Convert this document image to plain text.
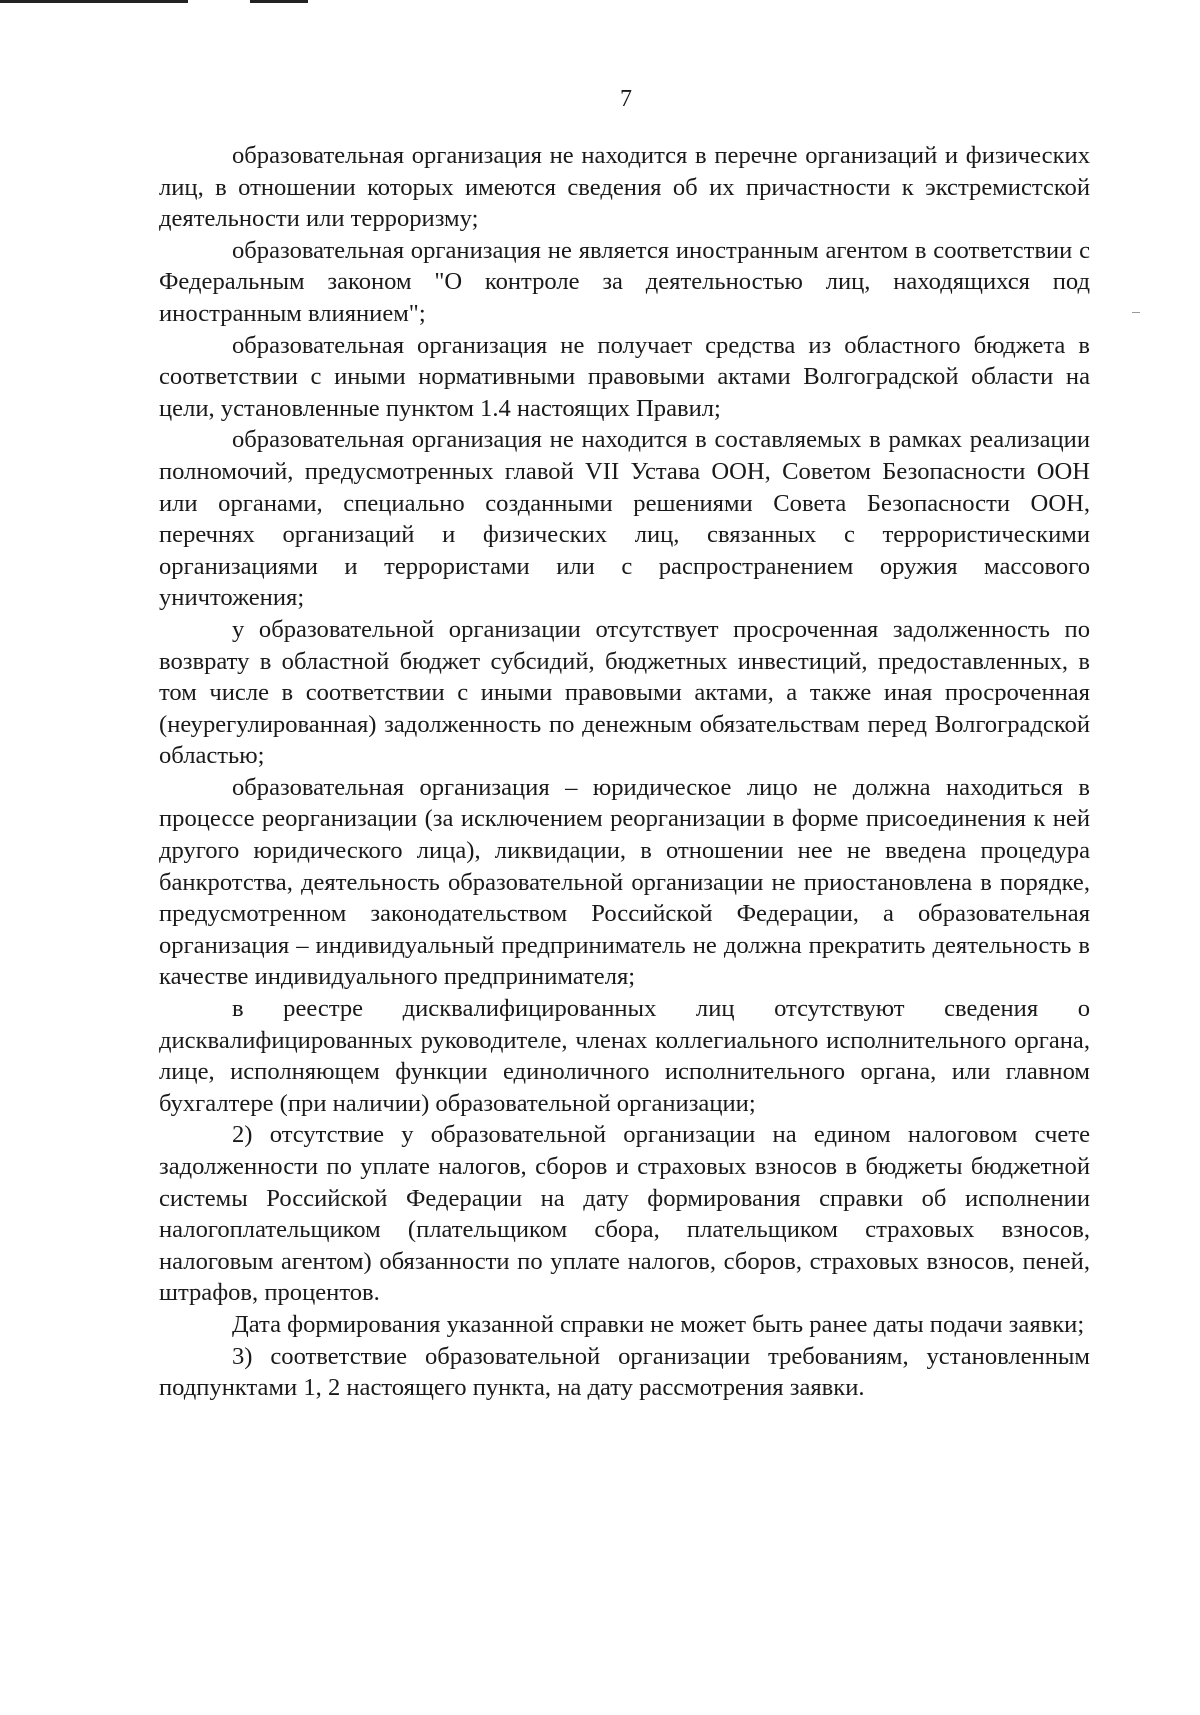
7

образовательная организация не находится в перечне организаций и физических лиц, в отношении которых имеются сведения об их причастности к экстремистской деятельности или терроризму;

образовательная организация не является иностранным агентом в соответствии с Федеральным законом "О контроле за деятельностью лиц, находящихся под иностранным влиянием";

образовательная организация не получает средства из областного бюджета в соответствии с иными нормативными правовыми актами Волгоградской области на цели, установленные пунктом 1.4 настоящих Правил;

образовательная организация не находится в составляемых в рамках реализации полномочий, предусмотренных главой VII Устава ООН, Советом Безопасности ООН или органами, специально созданными решениями Совета Безопасности ООН, перечнях организаций и физических лиц, связанных с террористическими организациями и террористами или с распространением оружия массового уничтожения;

у образовательной организации отсутствует просроченная задолженность по возврату в областной бюджет субсидий, бюджетных инвестиций, предоставленных, в том числе в соответствии с иными правовыми актами, а также иная просроченная (неурегулированная) задолженность по денежным обязательствам перед Волгоградской областью;

образовательная организация – юридическое лицо не должна находиться в процессе реорганизации (за исключением реорганизации в форме присоединения к ней другого юридического лица), ликвидации, в отношении нее не введена процедура банкротства, деятельность образовательной организации не приостановлена в порядке, предусмотренном законодательством Российской Федерации, а образовательная организация – индивидуальный предприниматель не должна прекратить деятельность в качестве индивидуального предпринимателя;

в реестре дисквалифицированных лиц отсутствуют сведения о дисквалифицированных руководителе, членах коллегиального исполнительного органа, лице, исполняющем функции единоличного исполнительного органа, или главном бухгалтере (при наличии) образовательной организации;

2) отсутствие у образовательной организации на едином налоговом счете задолженности по уплате налогов, сборов и страховых взносов в бюджеты бюджетной системы Российской Федерации на дату формирования справки об исполнении налогоплательщиком (плательщиком сбора, плательщиком страховых взносов, налоговым агентом) обязанности по уплате налогов, сборов, страховых взносов, пеней, штрафов, процентов.

Дата формирования указанной справки не может быть ранее даты подачи заявки;

3) соответствие образовательной организации требованиям, установленным подпунктами 1, 2 настоящего пункта, на дату рассмотрения заявки.
